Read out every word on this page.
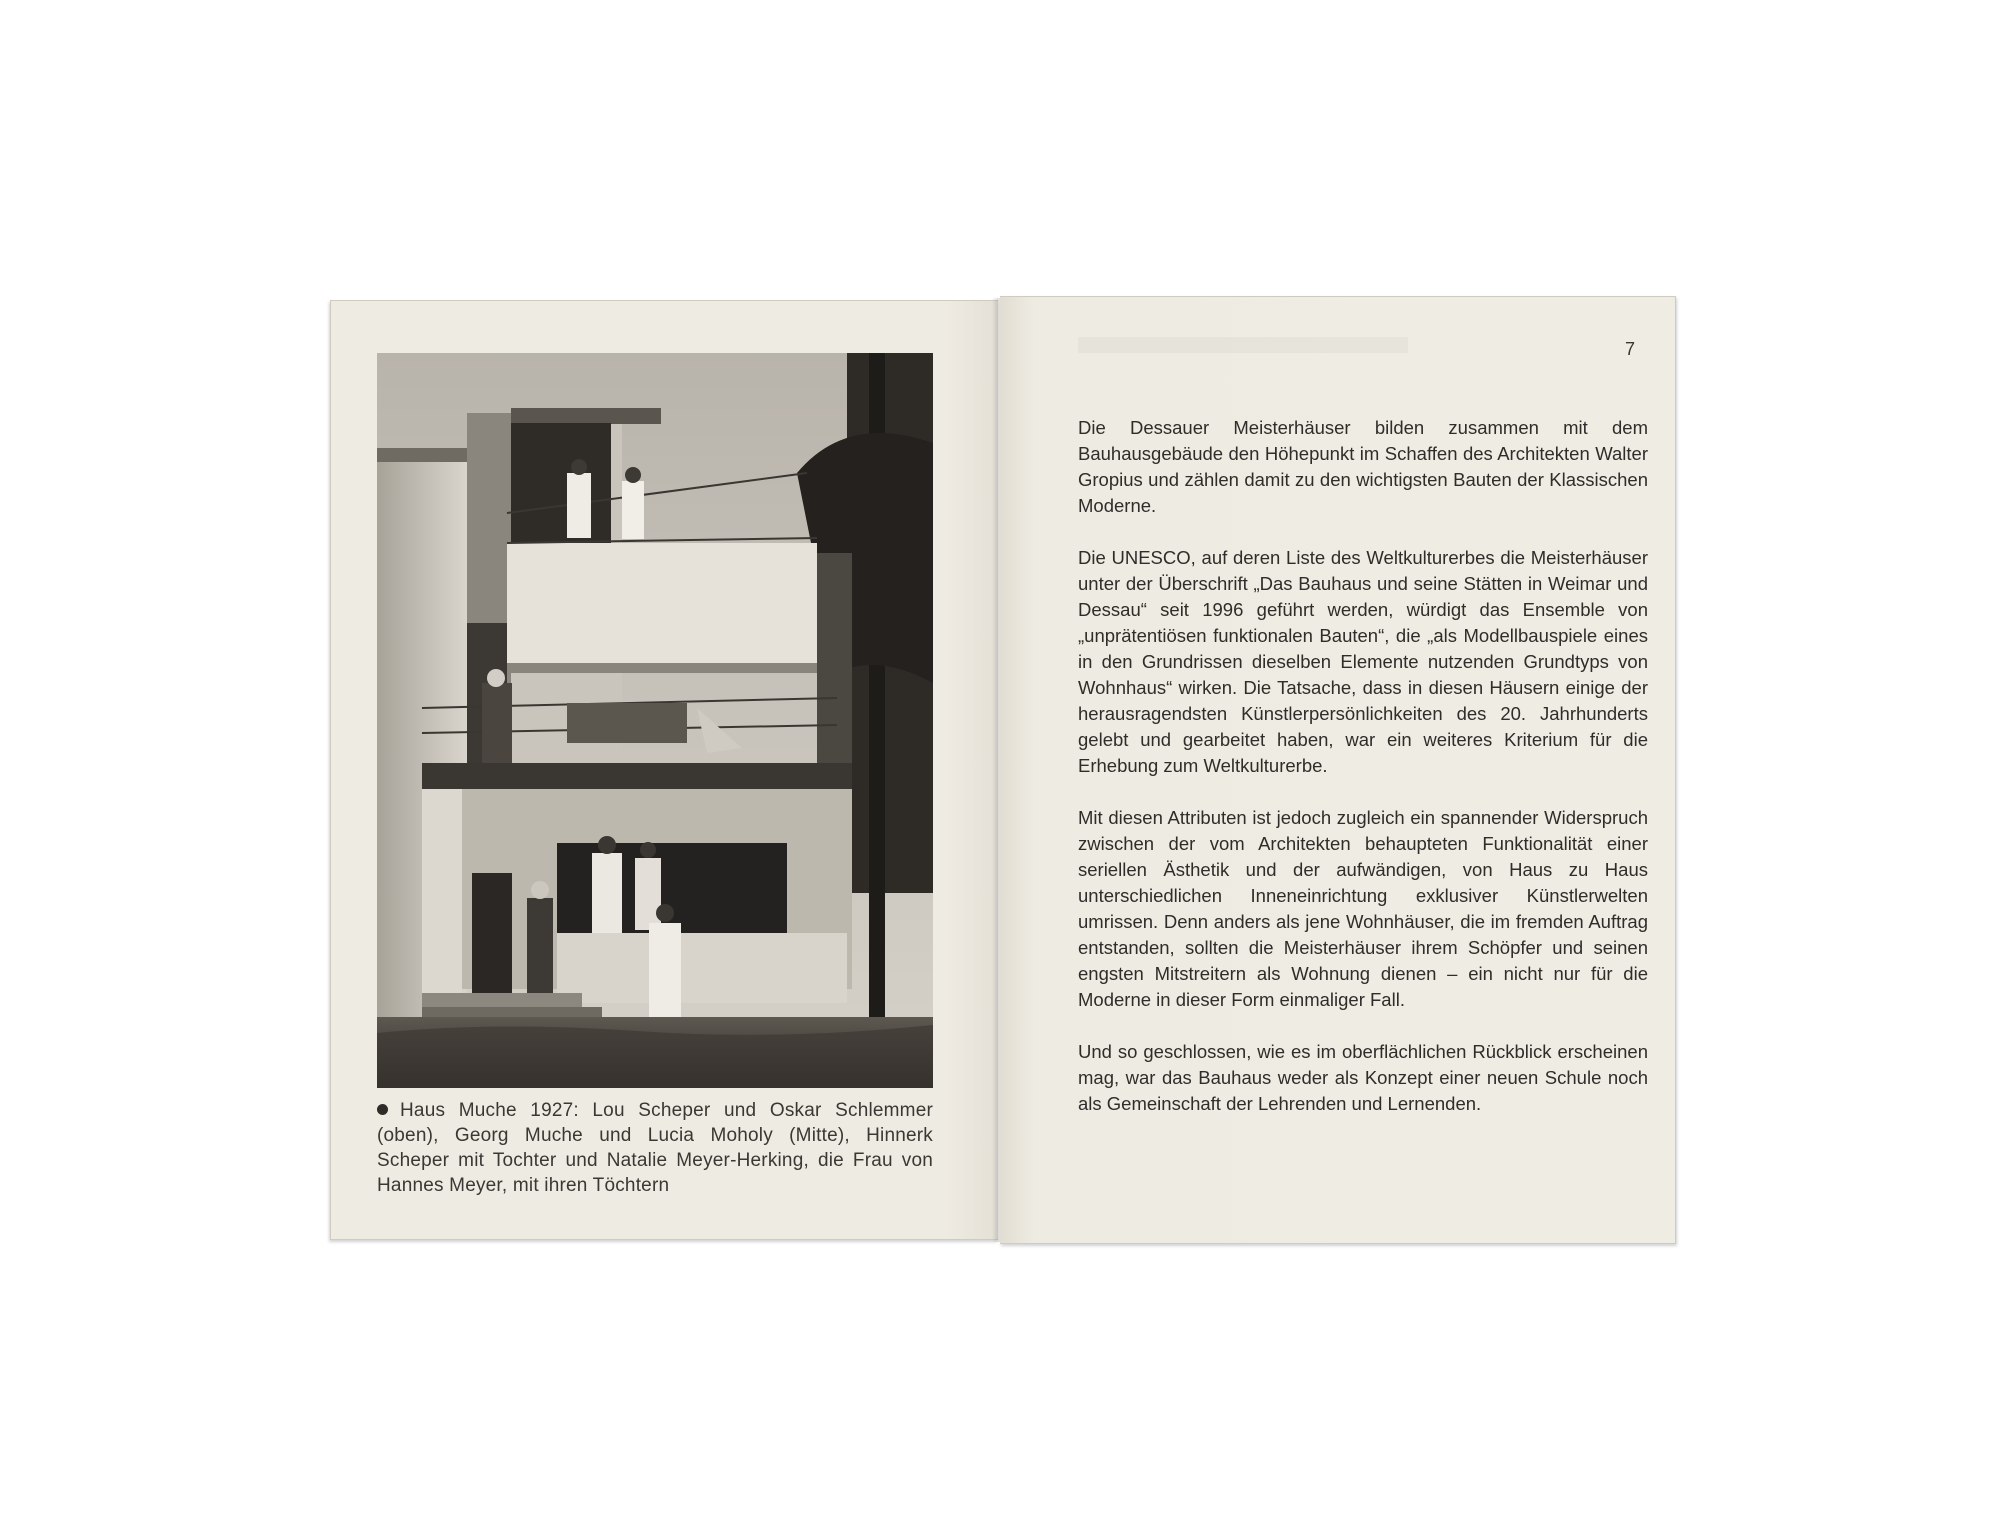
Haus Muche 1927: Lou Scheper und Oskar Schlemmer (oben), Georg Muche und Lucia Moholy (Mitte), Hinnerk Scheper mit Tochter und Natalie Meyer-Herking, die Frau von Hannes Meyer, mit ihren Töchtern
7

Die Dessauer Meisterhäuser bilden zusammen mit dem Bauhausgebäude den Höhepunkt im Schaffen des Architekten Walter Gropius und zählen damit zu den wichtigsten Bauten der Klassischen Moderne.

Die UNESCO, auf deren Liste des Weltkulturerbes die Meisterhäuser unter der Überschrift „Das Bauhaus und seine Stätten in Weimar und Dessau“ seit 1996 geführt werden, würdigt das Ensemble von „unprätentiösen funktionalen Bauten“, die „als Modellbauspiele eines in den Grundrissen dieselben Elemente nutzenden Grundtyps von Wohnhaus“ wirken. Die Tatsache, dass in diesen Häusern einige der herausragendsten Künstlerpersönlichkeiten des 20. Jahrhunderts gelebt und gearbeitet haben, war ein weiteres Kriterium für die Erhebung zum Weltkulturerbe.

Mit diesen Attributen ist jedoch zugleich ein spannender Widerspruch zwischen der vom Architekten behaupteten Funktionalität einer seriellen Ästhetik und der aufwändigen, von Haus zu Haus unterschiedlichen Inneneinrichtung exklusiver Künstlerwelten umrissen. Denn anders als jene Wohnhäuser, die im fremden Auftrag entstanden, sollten die Meisterhäuser ihrem Schöpfer und seinen engsten Mitstreitern als Wohnung dienen – ein nicht nur für die Moderne in dieser Form einmaliger Fall.

Und so geschlossen, wie es im oberflächlichen Rückblick erscheinen mag, war das Bauhaus weder als Konzept einer neuen Schule noch als Gemeinschaft der Lehrenden und Lernenden.
